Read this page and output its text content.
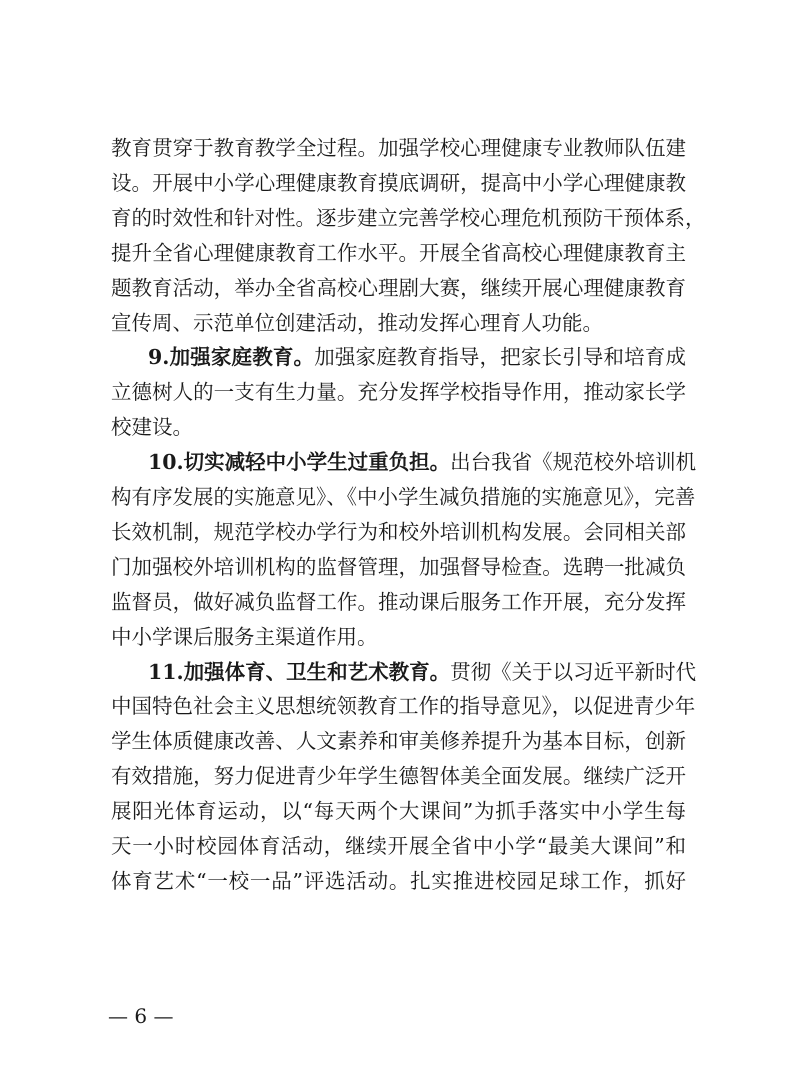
教育贯穿于教育教学全过程。加强学校心理健康专业教师队伍建
设。开展中小学心理健康教育摸底调研，提高中小学心理健康教
育的时效性和针对性。逐步建立完善学校心理危机预防干预体系，
提升全省心理健康教育工作水平。开展全省高校心理健康教育主
题教育活动，举办全省高校心理剧大赛，继续开展心理健康教育
宣传周、示范单位创建活动，推动发挥心理育人功能。
9.加强家庭教育。加强家庭教育指导，把家长引导和培育成
立德树人的一支有生力量。充分发挥学校指导作用，推动家长学
校建设。
10.切实减轻中小学生过重负担。出台我省《规范校外培训机
构有序发展的实施意见》、《中小学生减负措施的实施意见》，完善
长效机制，规范学校办学行为和校外培训机构发展。会同相关部
门加强校外培训机构的监督管理，加强督导检查。选聘一批减负
监督员，做好减负监督工作。推动课后服务工作开展，充分发挥
中小学课后服务主渠道作用。
11.加强体育、卫生和艺术教育。贯彻《关于以习近平新时代
中国特色社会主义思想统领教育工作的指导意见》，以促进青少年
学生体质健康改善、人文素养和审美修养提升为基本目标，创新
有效措施，努力促进青少年学生德智体美全面发展。继续广泛开
展阳光体育运动，以“每天两个大课间”为抓手落实中小学生每
天一小时校园体育活动，继续开展全省中小学“最美大课间”和
体育艺术“一校一品”评选活动。扎实推进校园足球工作，抓好
— 6 —
